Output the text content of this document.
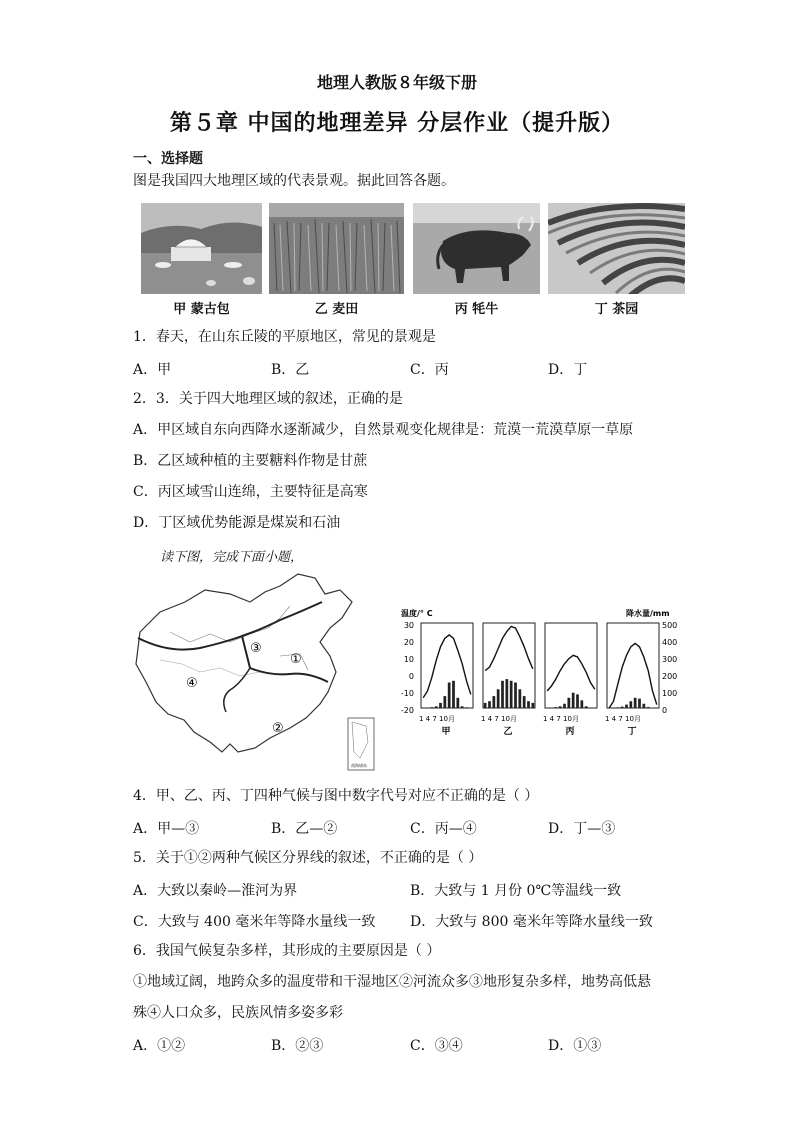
地理人教版８年级下册
第５章 中国的地理差异 分层作业（提升版）
一、选择题
图是我国四大地理区域的代表景观。据此回答各题。
甲 蒙古包	乙 麦田	丙 牦牛	丁 茶园
1．春天，在山东丘陵的平原地区，常见的景观是
A．甲	B．乙	C．丙	D．丁
2．3．关于四大地理区域的叙述，正确的是
A．甲区域自东向西降水逐渐减少，自然景观变化规律是：荒漠一荒漠草原一草原
B．乙区域种植的主要糖料作物是甘蔗
C．丙区域雪山连绵，主要特征是高寒
D．丁区域优势能源是煤炭和石油
读下图，完成下面小题，
③
①
④
②
南海诸岛
温度/° C	降水量/mm
30
20
10
0
-10
-20
500
400
300
200
100
0
1 4 7 10月	1 4 7 10月	1 4 7 10月	1 4 7 10月
甲	乙	丙	丁
4．甲、乙、丙、丁四种气候与图中数字代号对应不正确的是（ ）
A．甲—③	B．乙—②	C．丙—④	D．丁—③
5．关于①②两种气候区分界线的叙述，不正确的是（ ）
A．大致以秦岭—淮河为界	B．大致与 1 月份 0℃等温线一致
C．大致与 400 毫米年等降水量线一致 D．大致与 800 毫米年等降水量线一致
6．我国气候复杂多样，其形成的主要原因是（ ）
①地域辽阔，地跨众多的温度带和干湿地区②河流众多③地形复杂多样，地势高低悬
殊④人口众多，民族风情多姿多彩
A．①②	B．②③	C．③④	D．①③
